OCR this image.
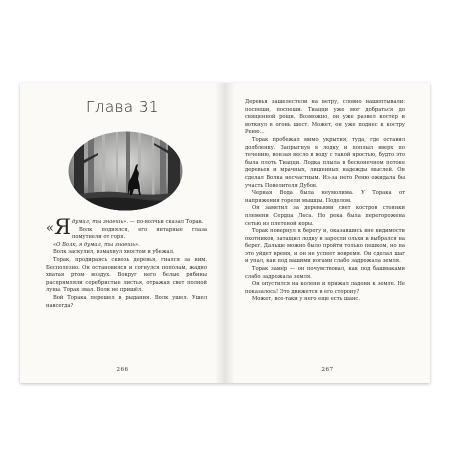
Глава 31

«Я думал, ты знаешь». — по-волчьи сказал Торак.

Волк поднялся, его янтарные глаза помутнели от горя.

«О Волк, я думал, ты знаешь».

Волк заскулил, взмахнул хвостом и убежал.

Торак, продираясь сквозь деревья, гнался за ним. Бесполезно. Он остановился и согнулся пополам, жадно хватая ртом воздух. Вокруг него белые рябины распрямляли серебристые листья, отражая свет полной луны. Торак звал. Волк не пришёл.

Вой Торака перешел в рыдания. Волк ушел. Ушел навсегда?

266

Деревья зашелестели на ветру, словно нашептывали: поспеши, поспеши. Тиацци уже мог добраться до священной рощи. Возможно, он уже развел костер и воткнул в огонь шест. Может, он уже поднес к костру Реню…

Торак пробежал мимо укрытия, туда, где оставил долбленку. Запрыгнув в лодку и поплыл вверх по течению, вонзая весло в воду с такой яростью, будто это была плоть Тиацци. Лодка плыла в бесконечном потоке деревьев и мрачных, лишенных надежды мыслей. Он сделал Волка несчастным. Из-за него Реню ожидала бы участь Повелителя Дубов.

Черная Вода была неумолима. У Торака от напряжения горели мышцы. Поделом.

Он заметил за деревьями свет костров стоянки племени Сердца Леса. Но река была перегорожена сетью из плетеной коры.

Торак повернул к берегу и, оказавшись вне видимости охотников, затащил лодку в заросли ольхи и выбрался на берег. Дальше можно было пройти только пешком, но на это уйдет время, и он не успеет вовремя. Он сделал шаг и упал, как под вашими ногами слабо задрожала земля.

Торак замер — он почувствовал, как под башмаками слабо задрожала земля.

Он опустился на колени и прижал ладони к земле. Не показалось! Это движется в его сторону?

Может, все-таки у него еще есть шанс.

267
